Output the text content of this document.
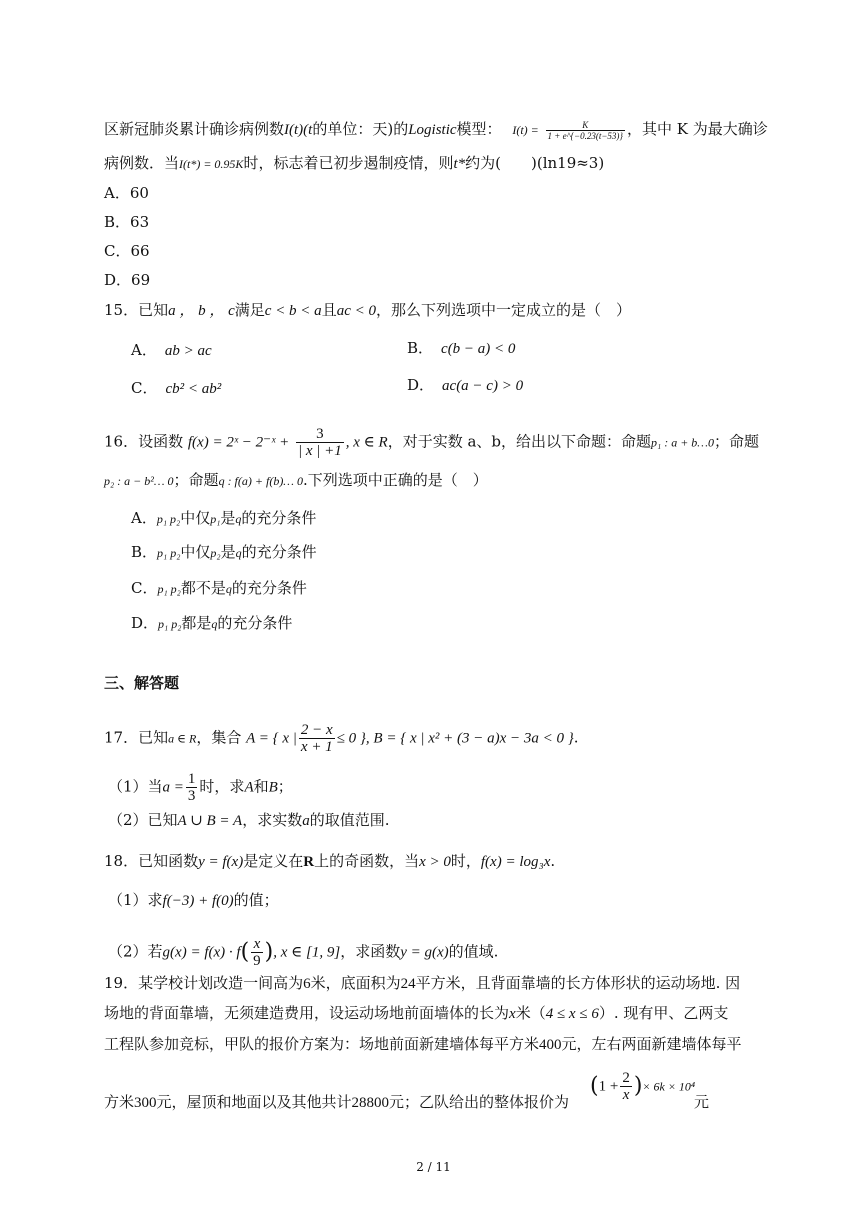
区新冠肺炎累计确诊病例数I(t)(t的单位：天)的Logistic模型： $I(t) = \frac{K}{1 + e\^{}\{-0.23(t-53)\}}$ ，其中 K 为最大确诊
病例数．当I(t*) = 0.95K时，标志着已初步遏制疫情，则t*约为(　　)(ln19≈3)
A．60
B．63
C．66
D．69
15．已知a ， b ， c满足c < b < a且ac < 0，那么下列选项中一定成立的是（　）
A． ab > ac	B． c(b − a) < 0
C． cb² < ab²	D． ac(a − c) > 0
16．设函数 f(x) = 2ˣ − 2⁻ˣ + $\frac{3}{| x | +1}$ , x ∈ R，对于实数 a、b，给出以下命题：命题p₁ : a + b…0；命题
p₂ : a − b²… 0；命题q : f(a) + f(b)… 0.下列选项中正确的是（　）
A．p₁ p₂中仅p₁是q的充分条件
B．p₁ p₂中仅p₂是q的充分条件
C．p₁ p₂都不是q的充分条件
D．p₁ p₂都是q的充分条件
三、解答题
17．已知a ∈ R，集合 A = { x | $\frac{2 - x}{x + 1} \le 0$ }, B = { x | x² + (3 − a)x − 3a < 0 }.
（1）当$a = \frac{1}{3}$ 时，求A和B；
（2）已知A ∪ B = A，求实数a的取值范围.
18．已知函数y = f(x)是定义在R上的奇函数，当x > 0时，f(x) = log₃x.
（1）求f(−3) + f(0)的值；
（2）若$g(x) = f(x) \cdot f( \frac{x}{9}$ ), x ∈ [1, 9]，求函数y = g(x)的值域.
19．某学校计划改造一间高为6米，底面积为24平方米，且背面靠墙的长方体形状的运动场地. 因
场地的背面靠墙，无须建造费用，设运动场地前面墙体的长为x米（4 ≤ x ≤ 6）. 现有甲、乙两支
工程队参加竞标，甲队的报价方案为：场地前面新建墙体每平方米400元，左右两面新建墙体每平
方米300元，屋顶和地面以及其他共计28800元；乙队给出的整体报价为
($1 + \frac{2}{x}$ )× 6k × 10⁴
元
2 / 11
